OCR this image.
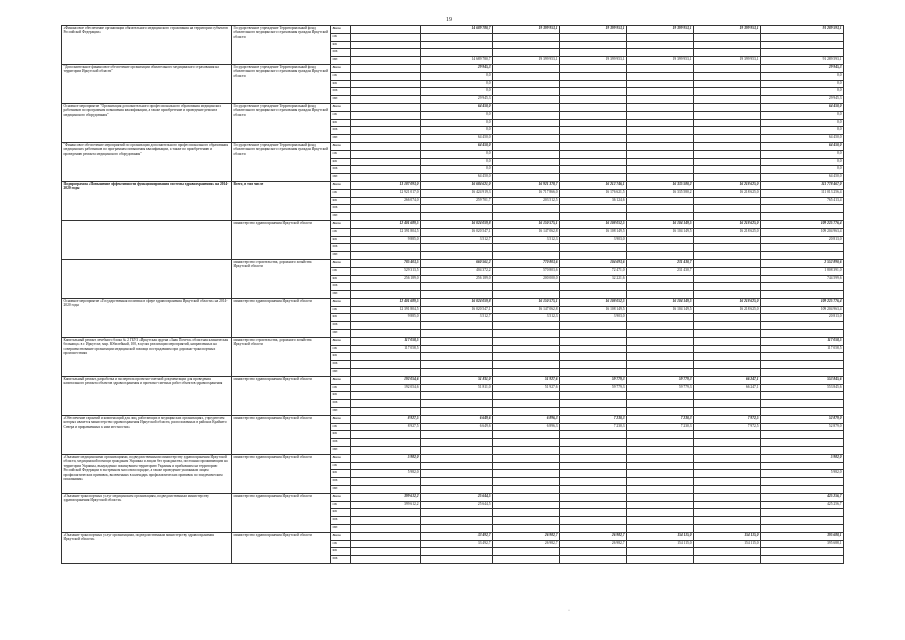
19
«Финансовое обеспечение организации обязательного медицинского страхования на территории субъектов Российской Федерации»	Государственное учреждение Территориальный фонд обязательного медицинского страхования граждан Иркутской области	Всего		14 689 780,7	19 399 953,1	19 399 953,1	19 399 953,1	19 399 953,1	91 289 593,1
		ОБ							
		ФБ							
		МБ							
		ИИ		14 689 780,7	19 399 953,1	19 399 953,1	19 399 953,1	19 399 953,1	91 289 593,1
"Дополнительное финансовое обеспечение организации обязательного медицинского страхования на территории Иркутской области"	Государственное учреждение Территориальный фонд обязательного медицинского страхования граждан Иркутской области	Всего		29 945,3					29 945,3
		ОБ		0,0					0,0
		ФБ		0,0					0,0
		МБ		0,0					0,0
		ИИ		29 945,3					29 945,3
Основное мероприятие "Организация дополнительного профессионального образования медицинских работников по программам повышения квалификации, а также приобретение и проведение ремонта медицинского оборудования"	Государственное учреждение Территориальный фонд обязательного медицинского страхования граждан Иркутской области	Всего		64 450,0					64 450,0
		ОБ		0,0					0,0
		ФБ		0,0					0,0
		МБ		0,0					0,0
		ИИ		64 450,0					64 450,0
"Финансовое обеспечение мероприятий по организации дополнительного профессионального образования медицинских работников по программам повышения квалификации, а также по приобретению и проведению ремонта медицинского оборудования"	Государственное учреждение Территориальный фонд обязательного медицинского страхования граждан Иркутской области	Всего		64 450,0					64 450,0
		ОБ		0,0					0,0
		ФБ		0,0					0,0
		МБ		0,0					0,0
		ИИ		64 450,0					64 450,0
Подпрограмма «Повышение эффективности функционирования системы здравоохранения» на 2014-2020 годы	Всего, в том числе	Всего	13 187 093,0	16 684 621,0	16 921 378,7	16 212 746,1	16 335 580,2	16 218 625,0	111 778 467,0
		ОБ	12 921 017,0	16 424 919,3	16 717 866,0	16 176 621,5	16 335 580,2	16 218 625,0	111 013 256,4
		ФБ	266 074,0	259 701,7	203 512,5	36 124,6			765 413,4
		МБ							
		ИИ							
	министерство здравоохранения Иркутской области	Всего	12 401 689,5	16 024 059,8	16 150 575,1	16 108 052,5	16 104 149,5	16 218 625,0	109 225 776,4
		ОБ	12 391 804,5	16 020 547,1	16 147 062,8	16 108 149,5	16 104 149,5	16 218 625,0	109 204 963,4
		ФБ	9 885,0	3 512,7	3 512,3	3 903,0			20 813,0
		МБ							
		ИИ							
	министерство строительства, дорожного хозяйства Иркутской области	Всего	785 403,5	660 561,2	770 803,6	104 693,6	231 430,7		2 552 890,6
		ОБ	529 313,5	404 372,2	570 803,6	72 471,0	231 430,7		1 808 391,0
		ФБ	256 189,0	256 189,0	200 000,0	32 221,6			744 599,6
		МБ							
		ИИ							
Основное мероприятие «Государственная политика в сфере здравоохранения Иркутской области» на 2014-2020 годы	министерство здравоохранения Иркутской области	Всего	12 401 689,5	16 024 059,8	16 150 575,1	16 108 052,5	16 104 149,5	16 218 625,0	109 225 776,4
		ОБ	12 391 804,5	16 020 547,1	16 147 062,8	16 108 149,5	16 104 149,5	16 218 625,0	109 204 963,4
		ФБ	9 885,0	3 512,7	3 512,3	3 903,0			20 813,0
		МБ							
		ИИ							
Капитальный ремонт лечебного блока № 2 ГБУЗ «Иркутская ордена «Знак Почета» областная клиническая больница» в г. Иркутске, мкр. Юбилейный, 100, в целях реализации мероприятий, направленных на совершенствование организации медицинской помощи пострадавшим при дорожно-транспортных происшествиях	министерство строительства, дорожного хозяйства Иркутской области	Всего	117 058,5						117 058,5
		ОБ	117 058,5						117 058,5
		ФБ							
		МБ							
		ИИ							
Капитальный ремонт, разработка и экспертиза проектно-сметной документации для проведения капитального ремонта объектов здравоохранения и проектно-сметных работ объектов здравоохранения	министерство здравоохранения Иркутской области	Всего	192 054,6	51 811,0	51 927,6	59 779,3	59 779,3	66 247,1	553 845,6
		ОБ	192 054,6	51 811,0	51 927,6	59 779,3	59 779,3	66 247,1	553 845,6
		ФБ							
		МБ							
		ИИ							
«Обеспечение гарантий и компенсаций для лиц, работающих в медицинских организациях, учредителем которых является министерство здравоохранения Иркутской области, расположенных в районах Крайнего Севера и приравненных к ним местностях»	министерство здравоохранения Иркутской области	Всего	8 927,5	6 649,6	6 896,3	7 230,3	7 230,3	7 972,5	52 879,0
		ОБ	8 927,5	6 649,6	6 896,3	7 230,3	7 230,3	7 972,5	52 879,0
		ФБ							
		МБ							
		ИИ							
«Оказание медицинскими организациями, подведомственными министерству здравоохранения Иркутской области, медицинской помощи гражданам Украины и лицам без гражданства, постоянно проживающим на территории Украины, вынужденно покинувшим территорию Украины и прибывшим на территорию Российской Федерации в экстренном массовом порядке, а также проведение указанным лицам профилактических прививок, включенных в календарь профилактических прививок по эпидемическим показаниям»	министерство здравоохранения Иркутской области	Всего	5 982,0						5 982,0
		ОБ							
		ФБ	5 982,0						5 982,0
		МБ							
		ИИ							
«Оказание транспортных услуг медицинским организациям, подведомственным министерству здравоохранения Иркутской области»	министерство здравоохранения Иркутской области	Всего	399 612,2	25 644,5					425 256,7
		ОБ	399 612,2	25 644,5					425 256,7
		ФБ							
		МБ							
		ИИ							
«Оказание транспортных услуг организациям, подведомственным министерству здравоохранения Иркутской области»	министерство здравоохранения Иркутской области	Всего		33 492,7	26 982,7	26 982,7	154 115,0	154 115,0	395 688,1
		ОБ		33 492,7	26 982,7	26 982,7	154 115,0	154 115,0	395 688,1
		ФБ							
		МБ							
·
